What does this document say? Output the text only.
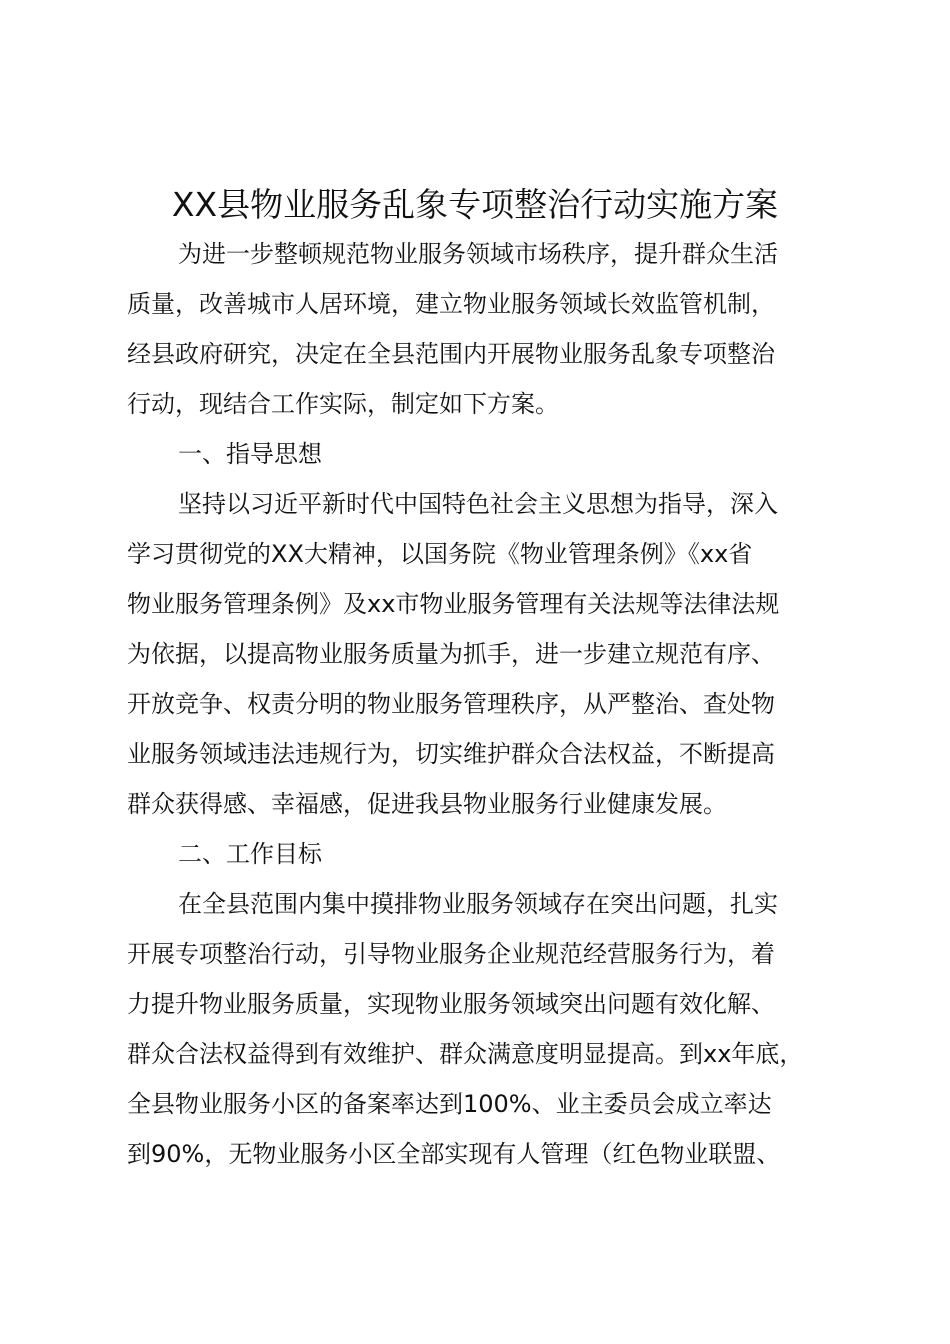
XX县物业服务乱象专项整治行动实施方案
为进一步整顿规范物业服务领域市场秩序，提升群众生活
质量，改善城市人居环境，建立物业服务领域长效监管机制，
经县政府研究，决定在全县范围内开展物业服务乱象专项整治
行动，现结合工作实际，制定如下方案。
一、指导思想
坚持以习近平新时代中国特色社会主义思想为指导，深入
学习贯彻党的XX大精神，以国务院《物业管理条例》《xx省
物业服务管理条例》及xx市物业服务管理有关法规等法律法规
为依据，以提高物业服务质量为抓手，进一步建立规范有序、
开放竞争、权责分明的物业服务管理秩序，从严整治、查处物
业服务领域违法违规行为，切实维护群众合法权益，不断提高
群众获得感、幸福感，促进我县物业服务行业健康发展。
二、工作目标
在全县范围内集中摸排物业服务领域存在突出问题，扎实
开展专项整治行动，引导物业服务企业规范经营服务行为，着
力提升物业服务质量，实现物业服务领域突出问题有效化解、
群众合法权益得到有效维护、群众满意度明显提高。到xx年底，
全县物业服务小区的备案率达到100%、业主委员会成立率达
到90%，无物业服务小区全部实现有人管理（红色物业联盟、
